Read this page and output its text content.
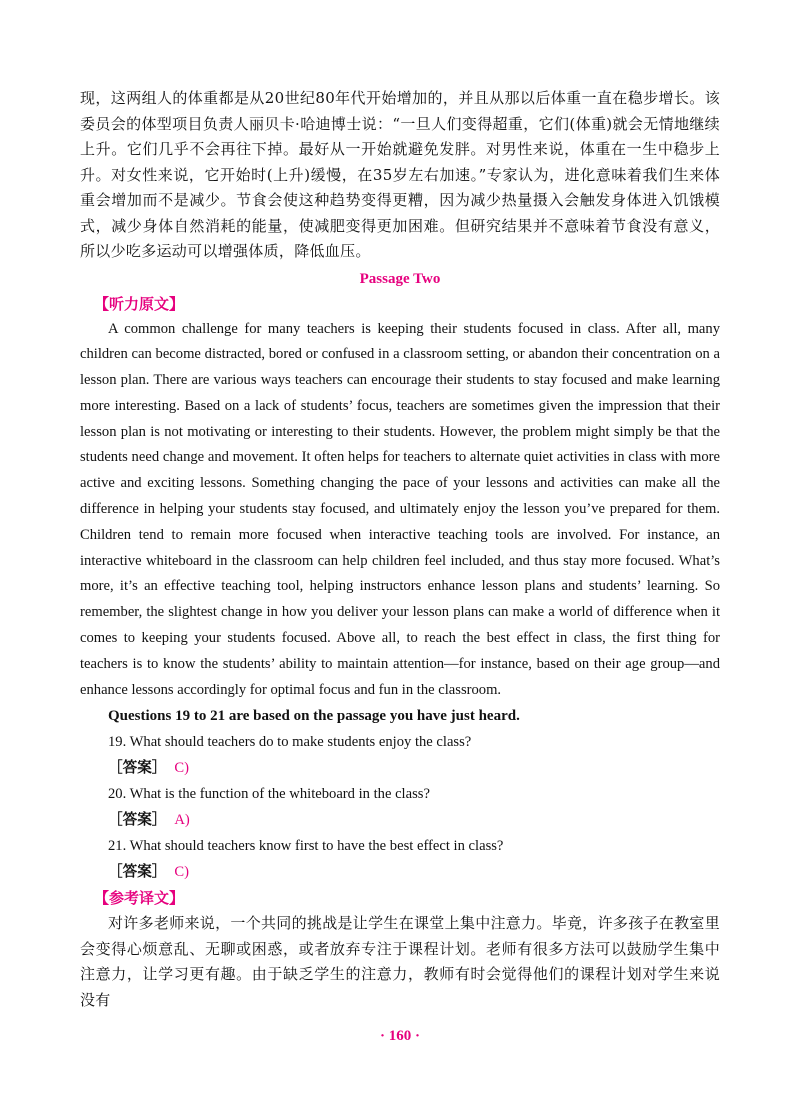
现，这两组人的体重都是从20世纪80年代开始增加的，并且从那以后体重一直在稳步增长。该委员会的体型项目负责人丽贝卡·哈迪博士说：“一旦人们变得超重，它们(体重)就会无情地继续上升。它们几乎不会再往下掉。最好从一开始就避免发胖。对男性来说，体重在一生中稳步上升。对女性来说，它开始时(上升)缓慢，在35岁左右加速。”专家认为，进化意味着我们生来体重会增加而不是减少。节食会使这种趋势变得更糟，因为减少热量摄入会触发身体进入饥饿模式，减少身体自然消耗的能量，使减肥变得更加困难。但研究结果并不意味着节食没有意义，所以少吃多运动可以增强体质，降低血压。

Passage Two

【听力原文】

A common challenge for many teachers is keeping their students focused in class. After all, many children can become distracted, bored or confused in a classroom setting, or abandon their concentration on a lesson plan. There are various ways teachers can encourage their students to stay focused and make learning more interesting. Based on a lack of students’ focus, teachers are sometimes given the impression that their lesson plan is not motivating or interesting to their students. However, the problem might simply be that the students need change and movement. It often helps for teachers to alternate quiet activities in class with more active and exciting lessons. Something changing the pace of your lessons and activities can make all the difference in helping your students stay focused, and ultimately enjoy the lesson you’ve prepared for them. Children tend to remain more focused when interactive teaching tools are involved. For instance, an interactive whiteboard in the classroom can help children feel included, and thus stay more focused. What’s more, it’s an effective teaching tool, helping instructors enhance lesson plans and students’ learning. So remember, the slightest change in how you deliver your lesson plans can make a world of difference when it comes to keeping your students focused. Above all, to reach the best effect in class, the first thing for teachers is to know the students’ ability to maintain attention—for instance, based on their age group—and enhance lessons accordingly for optimal focus and fun in the classroom.

Questions 19 to 21 are based on the passage you have just heard.

19. What should teachers do to make students enjoy the class?

［答案］ C)

20. What is the function of the whiteboard in the class?

［答案］ A)

21. What should teachers know first to have the best effect in class?

［答案］ C)

【参考译文】

对许多老师来说，一个共同的挑战是让学生在课堂上集中注意力。毕竟，许多孩子在教室里会变得心烦意乱、无聊或困惑，或者放弃专注于课程计划。老师有很多方法可以鼓励学生集中注意力，让学习更有趣。由于缺乏学生的注意力，教师有时会觉得他们的课程计划对学生来说没有

· 160 ·
